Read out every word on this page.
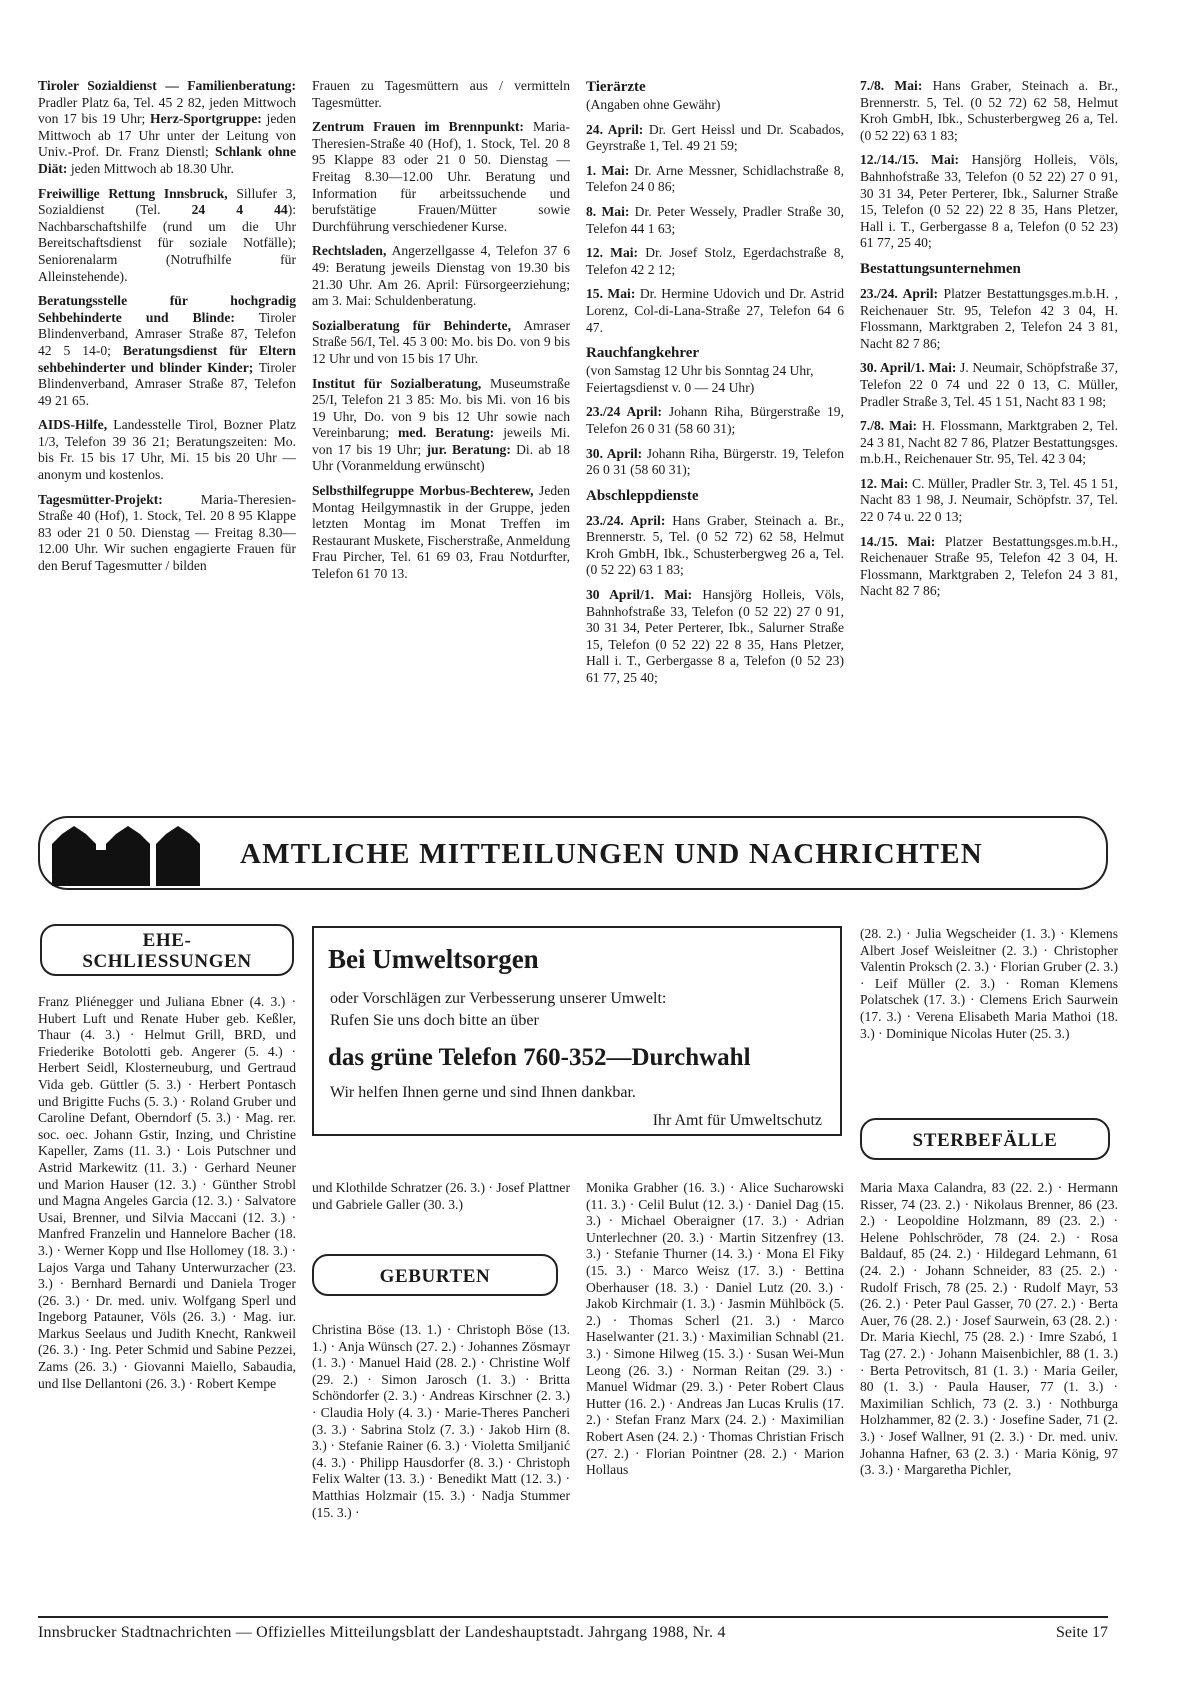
Tiroler Sozialdienst — Familienberatung: Pradler Platz 6a, Tel. 45 2 82, jeden Mittwoch von 17 bis 19 Uhr; Herz-Sportgruppe: jeden Mittwoch ab 17 Uhr unter der Leitung von Univ.-Prof. Dr. Franz Dienstl; Schlank ohne Diät: jeden Mittwoch ab 18.30 Uhr.

Freiwillige Rettung Innsbruck, Sillufer 3, Sozialdienst (Tel. 24 4 44): Nachbarschaftshilfe (rund um die Uhr Bereitschaftsdienst für soziale Notfälle); Seniorenalarm (Notrufhilfe für Alleinstehende).

Beratungsstelle für hochgradig Sehbehinderte und Blinde: Tiroler Blindenverband, Amraser Straße 87, Telefon 42 5 14-0; Beratungsdienst für Eltern sehbehinderter und blinder Kinder; Tiroler Blindenverband, Amraser Straße 87, Telefon 49 21 65.

AIDS-Hilfe, Landesstelle Tirol, Bozner Platz 1/3, Telefon 39 36 21; Beratungszeiten: Mo. bis Fr. 15 bis 17 Uhr, Mi. 15 bis 20 Uhr — anonym und kostenlos.

Tagesmütter-Projekt: Maria-Theresien-Straße 40 (Hof), 1. Stock, Tel. 20 8 95 Klappe 83 oder 21 0 50. Dienstag — Freitag 8.30—12.00 Uhr. Wir suchen engagierte Frauen für den Beruf Tagesmutter / bilden

Frauen zu Tagesmüttern aus / vermitteln Tagesmütter.

Zentrum Frauen im Brennpunkt: Maria-Theresien-Straße 40 (Hof), 1. Stock, Tel. 20 8 95 Klappe 83 oder 21 0 50. Dienstag — Freitag 8.30—12.00 Uhr. Beratung und Information für arbeitssuchende und berufstätige Frauen/Mütter sowie Durchführung verschiedener Kurse.

Rechtsladen, Angerzellgasse 4, Telefon 37 6 49: Beratung jeweils Dienstag von 19.30 bis 21.30 Uhr. Am 26. April: Fürsorgeerziehung; am 3. Mai: Schuldenberatung.

Sozialberatung für Behinderte, Amraser Straße 56/I, Tel. 45 3 00: Mo. bis Do. von 9 bis 12 Uhr und von 15 bis 17 Uhr.

Institut für Sozialberatung, Museumstraße 25/I, Telefon 21 3 85: Mo. bis Mi. von 16 bis 19 Uhr, Do. von 9 bis 12 Uhr sowie nach Vereinbarung; med. Beratung: jeweils Mi. von 17 bis 19 Uhr; jur. Beratung: Di. ab 18 Uhr (Voranmeldung erwünscht)

Selbsthilfegruppe Morbus-Bechterew, Jeden Montag Heilgymnastik in der Gruppe, jeden letzten Montag im Monat Treffen im Restaurant Muskete, Fischerstraße, Anmeldung Frau Pircher, Tel. 61 69 03, Frau Notdurfter, Telefon 61 70 13.

Tierärzte
(Angaben ohne Gewähr)

24. April: Dr. Gert Heissl und Dr. Scabados, Geyrstraße 1, Tel. 49 21 59;

1. Mai: Dr. Arne Messner, Schidlachstraße 8, Telefon 24 0 86;

8. Mai: Dr. Peter Wessely, Pradler Straße 30, Telefon 44 1 63;

12. Mai: Dr. Josef Stolz, Egerdachstraße 8, Telefon 42 2 12;

15. Mai: Dr. Hermine Udovich und Dr. Astrid Lorenz, Col-di-Lana-Straße 27, Telefon 64 6 47.

Rauchfangkehrer
(von Samstag 12 Uhr bis Sonntag 24 Uhr, Feiertagsdienst v. 0 — 24 Uhr)

23./24 April: Johann Riha, Bürgerstraße 19, Telefon 26 0 31 (58 60 31);

30. April: Johann Riha, Bürgerstr. 19, Telefon 26 0 31 (58 60 31);

Abschleppdienste

23./24. April: Hans Graber, Steinach a. Br., Brennerstr. 5, Tel. (0 52 72) 62 58, Helmut Kroh GmbH, Ibk., Schusterbergweg 26 a, Tel. (0 52 22) 63 1 83;

30 April/1. Mai: Hansjörg Holleis, Völs, Bahnhofstraße 33, Telefon (0 52 22) 27 0 91, 30 31 34, Peter Perterer, Ibk., Salurner Straße 15, Telefon (0 52 22) 22 8 35, Hans Pletzer, Hall i. T., Gerbergasse 8 a, Telefon (0 52 23) 61 77, 25 40;

7./8. Mai: Hans Graber, Steinach a. Br., Brennerstr. 5, Tel. (0 52 72) 62 58, Helmut Kroh GmbH, Ibk., Schusterbergweg 26 a, Tel. (0 52 22) 63 1 83;

12./14./15. Mai: Hansjörg Holleis, Völs, Bahnhofstraße 33, Telefon (0 52 22) 27 0 91, 30 31 34, Peter Perterer, Ibk., Salurner Straße 15, Telefon (0 52 22) 22 8 35, Hans Pletzer, Hall i. T., Gerbergasse 8 a, Telefon (0 52 23) 61 77, 25 40;

Bestattungsunternehmen

23./24. April: Platzer Bestattungsges.m.b.H. , Reichenauer Str. 95, Telefon 42 3 04, H. Flossmann, Marktgraben 2, Telefon 24 3 81, Nacht 82 7 86;

30. April/1. Mai: J. Neumair, Schöpfstraße 37, Telefon 22 0 74 und 22 0 13, C. Müller, Pradler Straße 3, Tel. 45 1 51, Nacht 83 1 98;

7./8. Mai: H. Flossmann, Marktgraben 2, Tel. 24 3 81, Nacht 82 7 86, Platzer Bestattungsges. m.b.H., Reichenauer Str. 95, Tel. 42 3 04;

12. Mai: C. Müller, Pradler Str. 3, Tel. 45 1 51, Nacht 83 1 98, J. Neumair, Schöpfstr. 37, Tel. 22 0 74 u. 22 0 13;

14./15. Mai: Platzer Bestattungsges.m.b.H., Reichenauer Straße 95, Telefon 42 3 04, H. Flossmann, Marktgraben 2, Telefon 24 3 81, Nacht 82 7 86;

AMTLICHE MITTEILUNGEN UND NACHRICHTEN
EHE-
SCHLIESSUNGEN
GEBURTEN
STERBEFÄLLE
Bei Umweltsorgen
oder Vorschlägen zur Verbesserung unserer Umwelt:
Rufen Sie uns doch bitte an über
das grüne Telefon 760-352—Durchwahl
Wir helfen Ihnen gerne und sind Ihnen dankbar.
Ihr Amt für Umweltschutz
Franz Pliénegger und Juliana Ebner (4. 3.) · Hubert Luft und Renate Huber geb. Keßler, Thaur (4. 3.) · Helmut Grill, BRD, und Friederike Botolotti geb. Angerer (5. 4.) · Herbert Seidl, Klosterneuburg, und Gertraud Vida geb. Güttler (5. 3.) · Herbert Pontasch und Brigitte Fuchs (5. 3.) · Roland Gruber und Caroline Defant, Oberndorf (5. 3.) · Mag. rer. soc. oec. Johann Gstir, Inzing, und Christine Kapeller, Zams (11. 3.) · Lois Putschner und Astrid Markewitz (11. 3.) · Gerhard Neuner und Marion Hauser (12. 3.) · Günther Strobl und Magna Angeles Garcia (12. 3.) · Salvatore Usai, Brenner, und Silvia Maccani (12. 3.) · Manfred Franzelin und Hannelore Bacher (18. 3.) · Werner Kopp und Ilse Hollomey (18. 3.) · Lajos Varga und Tahany Unterwurzacher (23. 3.) · Bernhard Bernardi und Daniela Troger (26. 3.) · Dr. med. univ. Wolfgang Sperl und Ingeborg Patauner, Völs (26. 3.) · Mag. iur. Markus Seelaus und Judith Knecht, Rankweil (26. 3.) · Ing. Peter Schmid und Sabine Pezzei, Zams (26. 3.) · Giovanni Maiello, Sabaudia, und Ilse Dellantoni (26. 3.) · Robert Kempe
und Klothilde Schratzer (26. 3.) · Josef Plattner und Gabriele Galler (30. 3.)
Christina Böse (13. 1.) · Christoph Böse (13. 1.) · Anja Wünsch (27. 2.) · Johannes Zösmayr (1. 3.) · Manuel Haid (28. 2.) · Christine Wolf (29. 2.) · Simon Jarosch (1. 3.) · Britta Schöndorfer (2. 3.) · Andreas Kirschner (2. 3.) · Claudia Holy (4. 3.) · Marie-Theres Pancheri (3. 3.) · Sabrina Stolz (7. 3.) · Jakob Hirn (8. 3.) · Stefanie Rainer (6. 3.) · Violetta Smiljanić (4. 3.) · Philipp Hausdorfer (8. 3.) · Christoph Felix Walter (13. 3.) · Benedikt Matt (12. 3.) · Matthias Holzmair (15. 3.) · Nadja Stummer (15. 3.) ·
Monika Grabher (16. 3.) · Alice Sucharowski (11. 3.) · Celil Bulut (12. 3.) · Daniel Dag (15. 3.) · Michael Oberaigner (17. 3.) · Adrian Unterlechner (20. 3.) · Martin Sitzenfrey (13. 3.) · Stefanie Thurner (14. 3.) · Mona El Fiky (15. 3.) · Marco Weisz (17. 3.) · Bettina Oberhauser (18. 3.) · Daniel Lutz (20. 3.) · Jakob Kirchmair (1. 3.) · Jasmin Mühlböck (5. 2.) · Thomas Scherl (21. 3.) · Marco Haselwanter (21. 3.) · Maximilian Schnabl (21. 3.) · Simone Hilweg (15. 3.) · Susan Wei-Mun Leong (26. 3.) · Norman Reitan (29. 3.) · Manuel Widmar (29. 3.) · Peter Robert Claus Hutter (16. 2.) · Andreas Jan Lucas Krulis (17. 2.) · Stefan Franz Marx (24. 2.) · Maximilian Robert Asen (24. 2.) · Thomas Christian Frisch (27. 2.) · Florian Pointner (28. 2.) · Marion Hollaus
(28. 2.) · Julia Wegscheider (1. 3.) · Klemens Albert Josef Weisleitner (2. 3.) · Christopher Valentin Proksch (2. 3.) · Florian Gruber (2. 3.) · Leif Müller (2. 3.) · Roman Klemens Polatschek (17. 3.) · Clemens Erich Saurwein (17. 3.) · Verena Elisabeth Maria Mathoi (18. 3.) · Dominique Nicolas Huter (25. 3.)
Maria Maxa Calandra, 83 (22. 2.) · Hermann Risser, 74 (23. 2.) · Nikolaus Brenner, 86 (23. 2.) · Leopoldine Holzmann, 89 (23. 2.) · Helene Pohlschröder, 78 (24. 2.) · Rosa Baldauf, 85 (24. 2.) · Hildegard Lehmann, 61 (24. 2.) · Johann Schneider, 83 (25. 2.) · Rudolf Frisch, 78 (25. 2.) · Rudolf Mayr, 53 (26. 2.) · Peter Paul Gasser, 70 (27. 2.) · Berta Auer, 76 (28. 2.) · Josef Saurwein, 63 (28. 2.) · Dr. Maria Kiechl, 75 (28. 2.) · Imre Szabó, 1 Tag (27. 2.) · Johann Maisenbichler, 88 (1. 3.) · Berta Petrovitsch, 81 (1. 3.) · Maria Geiler, 80 (1. 3.) · Paula Hauser, 77 (1. 3.) · Maximilian Schlich, 73 (2. 3.) · Nothburga Holzhammer, 82 (2. 3.) · Josefine Sader, 71 (2. 3.) · Josef Wallner, 91 (2. 3.) · Dr. med. univ. Johanna Hafner, 63 (2. 3.) · Maria König, 97 (3. 3.) · Margaretha Pichler,
Innsbrucker Stadtnachrichten — Offizielles Mitteilungsblatt der Landeshauptstadt. Jahrgang 1988, Nr. 4	Seite 17
